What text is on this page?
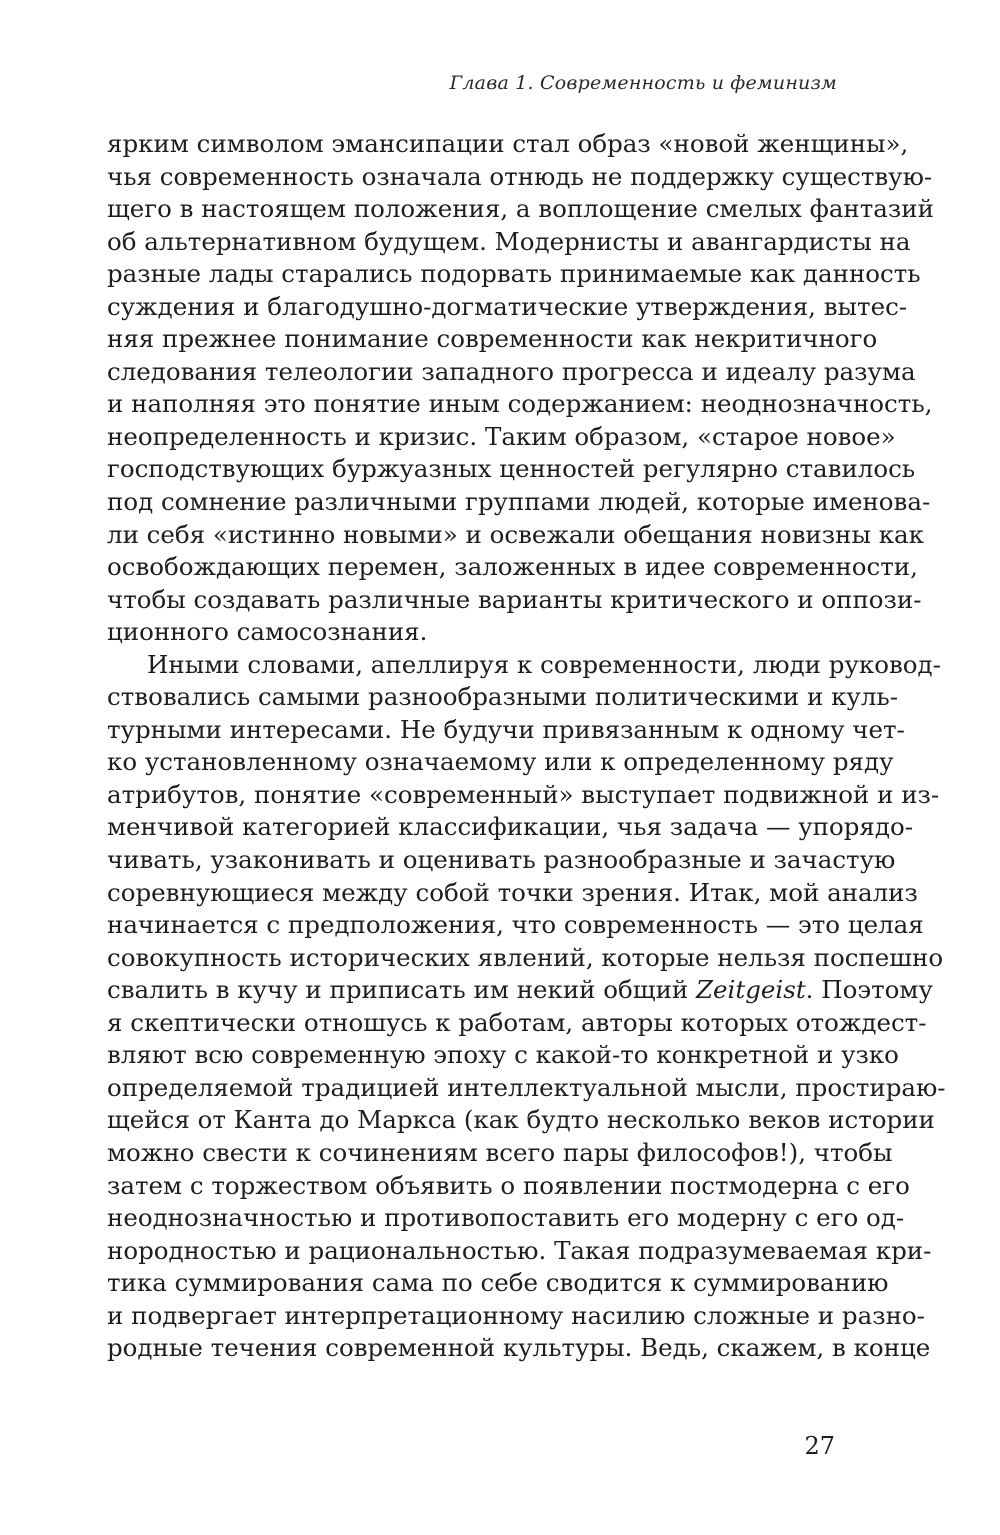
Глава 1. Современность и феминизм
ярким символом эмансипации стал образ «новой женщины»,
чья современность означала отнюдь не поддержку существую-
щего в настоящем положения, а воплощение смелых фантазий
об альтернативном будущем. Модернисты и авангардисты на
разные лады старались подорвать принимаемые как данность
суждения и благодушно-догматические утверждения, вытес-
няя прежнее понимание современности как некритичного
следования телеологии западного прогресса и идеалу разума
и наполняя это понятие иным содержанием: неоднозначность,
неопределенность и кризис. Таким образом, «старое новое»
господствующих буржуазных ценностей регулярно ставилось
под сомнение различными группами людей, которые именова-
ли себя «истинно новыми» и освежали обещания новизны как
освобождающих перемен, заложенных в идее современности,
чтобы создавать различные варианты критического и оппози-
ционного самосознания.
Иными словами, апеллируя к современности, люди руковод-
ствовались самыми разнообразными политическими и куль-
турными интересами. Не будучи привязанным к одному чет-
ко установленному означаемому или к определенному ряду
атрибутов, понятие «современный» выступает подвижной и из-
менчивой категорией классификации, чья задача — упорядо-
чивать, узаконивать и оценивать разнообразные и зачастую
соревнующиеся между собой точки зрения. Итак, мой анализ
начинается с предположения, что современность — это целая
совокупность исторических явлений, которые нельзя поспешно
свалить в кучу и приписать им некий общий Zeitgeist. Поэтому
я скептически отношусь к работам, авторы которых отождест-
вляют всю современную эпоху с какой-то конкретной и узко
определяемой традицией интеллектуальной мысли, простираю-
щейся от Канта до Маркса (как будто несколько веков истории
можно свести к сочинениям всего пары философов!), чтобы
затем с торжеством объявить о появлении постмодерна с его
неоднозначностью и противопоставить его модерну с его од-
нородностью и рациональностью. Такая подразумеваемая кри-
тика суммирования сама по себе сводится к суммированию
и подвергает интерпретационному насилию сложные и разно-
родные течения современной культуры. Ведь, скажем, в конце
27
